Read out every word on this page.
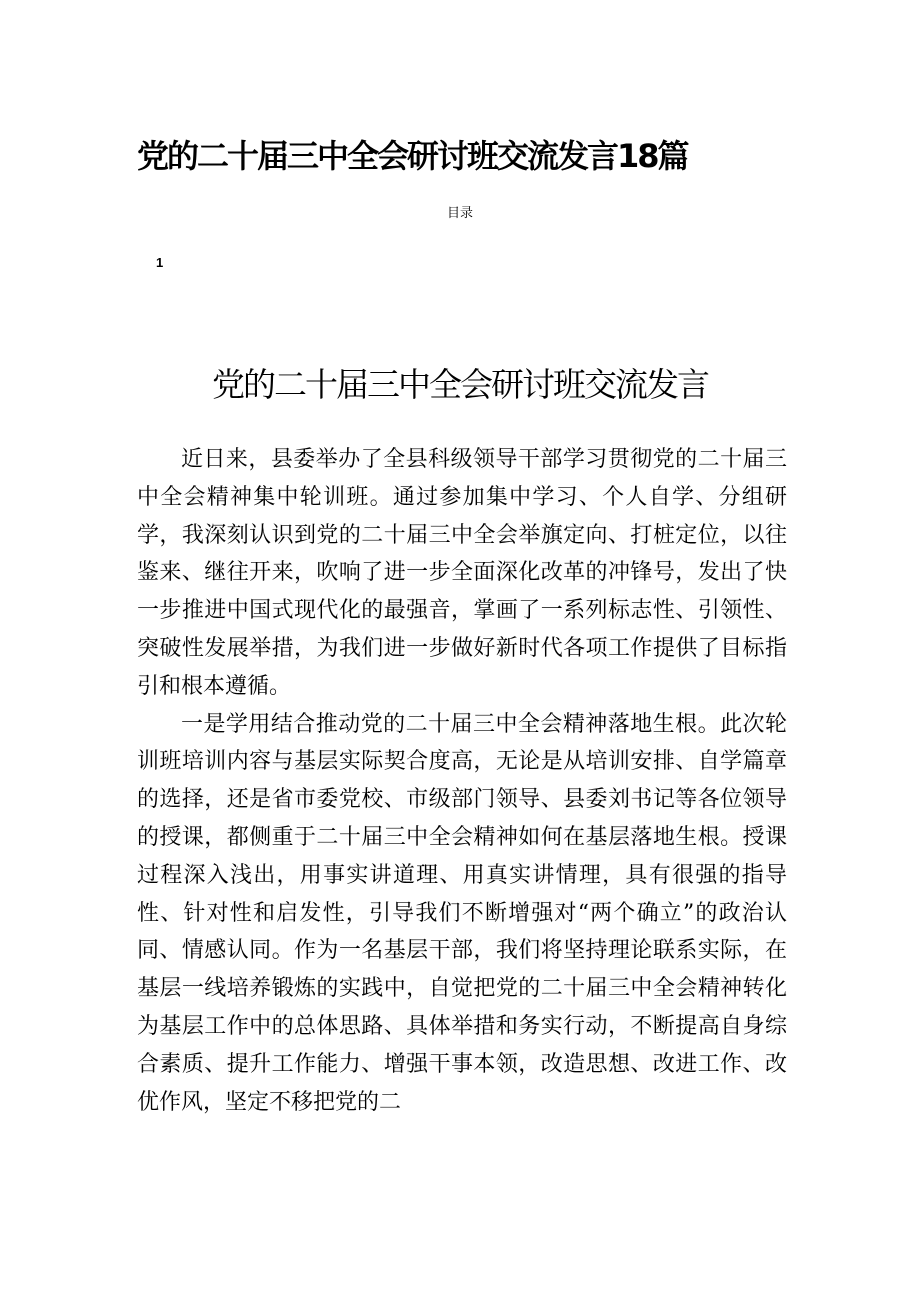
党的二十届三中全会研讨班交流发言18篇
目录
1
党的二十届三中全会研讨班交流发言

近日来，县委举办了全县科级领导干部学习贯彻党的二十届三中全会精神集中轮训班。通过参加集中学习、个人自学、分组研学，我深刻认识到党的二十届三中全会举旗定向、打桩定位，以往鉴来、继往开来，吹响了进一步全面深化改革的冲锋号，发出了快一步推进中国式现代化的最强音，掌画了一系列标志性、引领性、突破性发展举措，为我们进一步做好新时代各项工作提供了目标指引和根本遵循。

一是学用结合推动党的二十届三中全会精神落地生根。此次轮训班培训内容与基层实际契合度高，无论是从培训安排、自学篇章的选择，还是省市委党校、市级部门领导、县委刘书记等各位领导的授课，都侧重于二十届三中全会精神如何在基层落地生根。授课过程深入浅出，用事实讲道理、用真实讲情理，具有很强的指导性、针对性和启发性，引导我们不断增强对“两个确立”的政治认同、情感认同。作为一名基层干部，我们将坚持理论联系实际，在基层一线培养锻炼的实践中，自觉把党的二十届三中全会精神转化为基层工作中的总体思路、具体举措和务实行动，不断提高自身综合素质、提升工作能力、增强干事本领，改造思想、改进工作、改优作风，坚定不移把党的二
